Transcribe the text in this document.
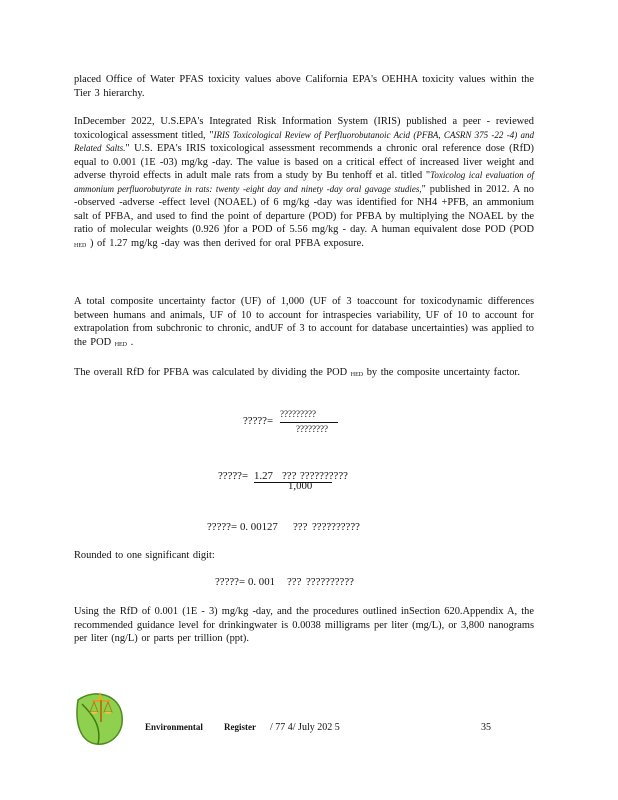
placed Office of Water PFAS toxicity values above California EPA's OEHHA toxicity values within the Tier 3 hierarchy.

InDecember 2022, U.S.EPA's Integrated Risk Information System (IRIS) published a peer - reviewed toxicological assessment titled, "IRIS Toxicological Review of Perfluorobutanoic Acid (PFBA, CASRN 375 -22 -4) and Related Salts." U.S. EPA's IRIS toxicological assessment recommends a chronic oral reference dose (RfD) equal to 0.001 (1E -03) mg/kg -day. The value is based on a critical effect of increased liver weight and adverse thyroid effects in adult male rats from a study by Bu tenhoff et al. titled "Toxicolog ical evaluation of ammonium perfluorobutyrate in rats: twenty -eight day and ninety -day oral gavage studies," published in 2012. A no -observed -adverse -effect level (NOAEL) of 6 mg/kg -day was identified for NH4 +PFB, an ammonium salt of PFBA, and used to find the point of departure (POD) for PFBA by multiplying the NOAEL by the ratio of molecular weights (0.926 )for a POD of 5.56 mg/kg - day. A human equivalent dose POD (POD HED ) of 1.27 mg/kg -day was then derived for oral PFBA exposure.

A total composite uncertainty factor (UF) of 1,000 (UF of 3 toaccount for toxicodynamic differences between humans and animals, UF of 10 to account for intraspecies variability, UF of 10 to account for extrapolation from subchronic to chronic, andUF of 3 to account for database uncertainties) was applied to the POD HED .

The overall RfD for PFBA was calculated by dividing the POD HED by the composite uncertainty factor.

?????=
?????????
????????
?????= 1.27 ??? ??????????
1,000
?????= 0. 00127 ??? ??????????

Rounded to one significant digit:

?????= 0. 001 ??? ??????????

Using the RfD of 0.001 (1E - 3) mg/kg -day, and the procedures outlined inSection 620.Appendix A, the recommended guidance level for drinkingwater is 0.0038 milligrams per liter (mg/L), or 3,800 nanograms per liter (ng/L) or parts per trillion (ppt).

Environmental Register / 77 4/ July 202 5	35
